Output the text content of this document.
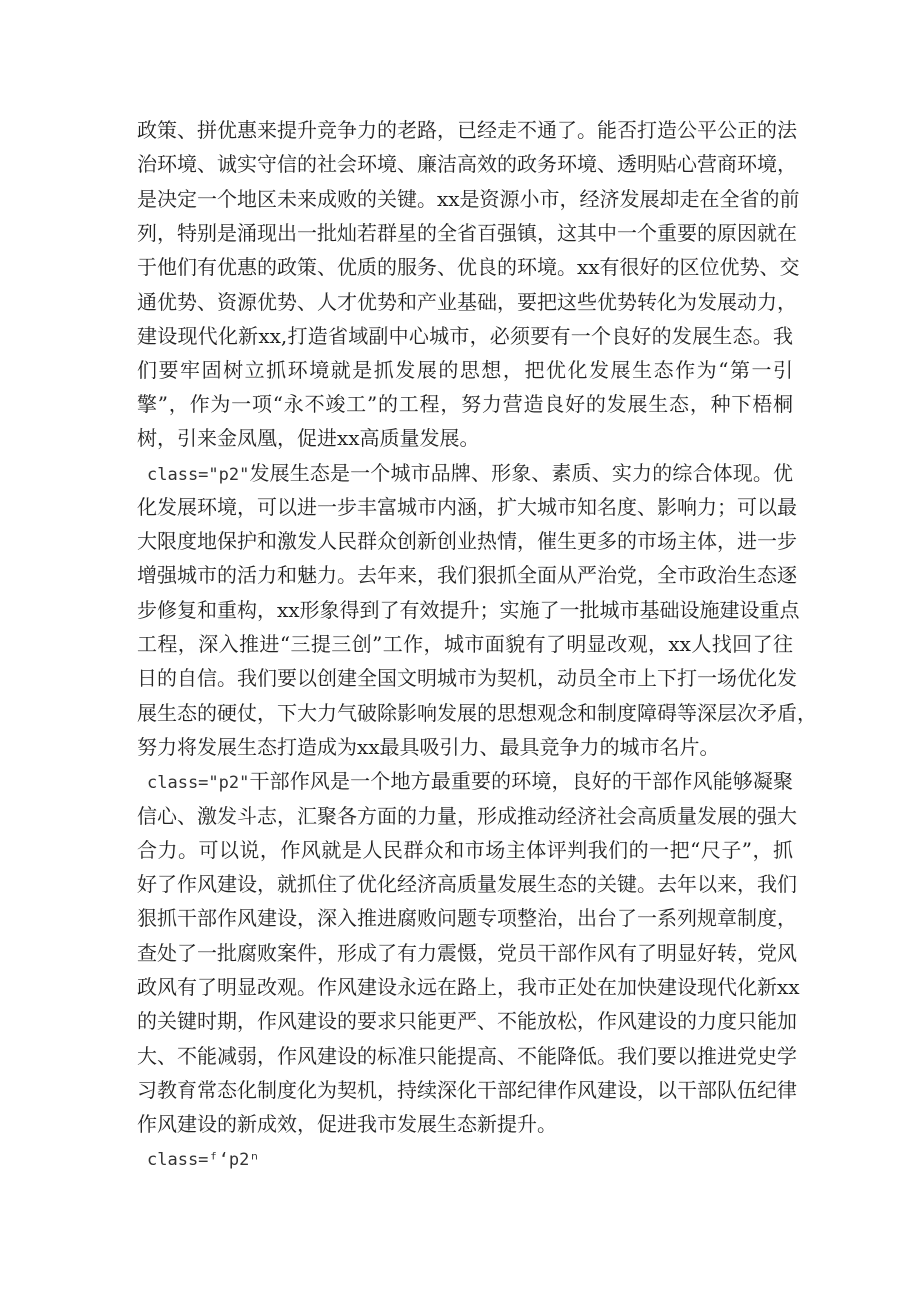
政策、拼优惠来提升竞争力的老路，已经走不通了。能否打造公平公正的法
治环境、诚实守信的社会环境、廉洁高效的政务环境、透明贴心营商环境，
是决定一个地区未来成败的关键。xx是资源小市，经济发展却走在全省的前
列，特别是涌现出一批灿若群星的全省百强镇，这其中一个重要的原因就在
于他们有优惠的政策、优质的服务、优良的环境。xx有很好的区位优势、交
通优势、资源优势、人才优势和产业基础，要把这些优势转化为发展动力，
建设现代化新xx,打造省域副中心城市，必须要有一个良好的发展生态。我
们要牢固树立抓环境就是抓发展的思想，把优化发展生态作为“第一引
擎”，作为一项“永不竣工”的工程，努力营造良好的发展生态，种下梧桐
树，引来金凤凰，促进xx高质量发展。
class="p2"发展生态是一个城市品牌、形象、素质、实力的综合体现。优
化发展环境，可以进一步丰富城市内涵，扩大城市知名度、影响力；可以最
大限度地保护和激发人民群众创新创业热情，催生更多的市场主体，进一步
增强城市的活力和魅力。去年来，我们狠抓全面从严治党，全市政治生态逐
步修复和重构，xx形象得到了有效提升；实施了一批城市基础设施建设重点
工程，深入推进“三提三创”工作，城市面貌有了明显改观，xx人找回了往
日的自信。我们要以创建全国文明城市为契机，动员全市上下打一场优化发
展生态的硬仗，下大力气破除影响发展的思想观念和制度障碍等深层次矛盾，
努力将发展生态打造成为xx最具吸引力、最具竞争力的城市名片。
class="p2"干部作风是一个地方最重要的环境，良好的干部作风能够凝聚
信心、激发斗志，汇聚各方面的力量，形成推动经济社会高质量发展的强大
合力。可以说，作风就是人民群众和市场主体评判我们的一把“尺子”，抓
好了作风建设，就抓住了优化经济高质量发展生态的关键。去年以来，我们
狠抓干部作风建设，深入推进腐败问题专项整治，出台了一系列规章制度，
查处了一批腐败案件，形成了有力震慑，党员干部作风有了明显好转，党风
政风有了明显改观。作风建设永远在路上，我市正处在加快建设现代化新xx
的关键时期，作风建设的要求只能更严、不能放松，作风建设的力度只能加
大、不能减弱，作风建设的标准只能提高、不能降低。我们要以推进党史学
习教育常态化制度化为契机，持续深化干部纪律作风建设，以干部队伍纪律
作风建设的新成效，促进我市发展生态新提升。
class=ᶠ‘p2ⁿ
